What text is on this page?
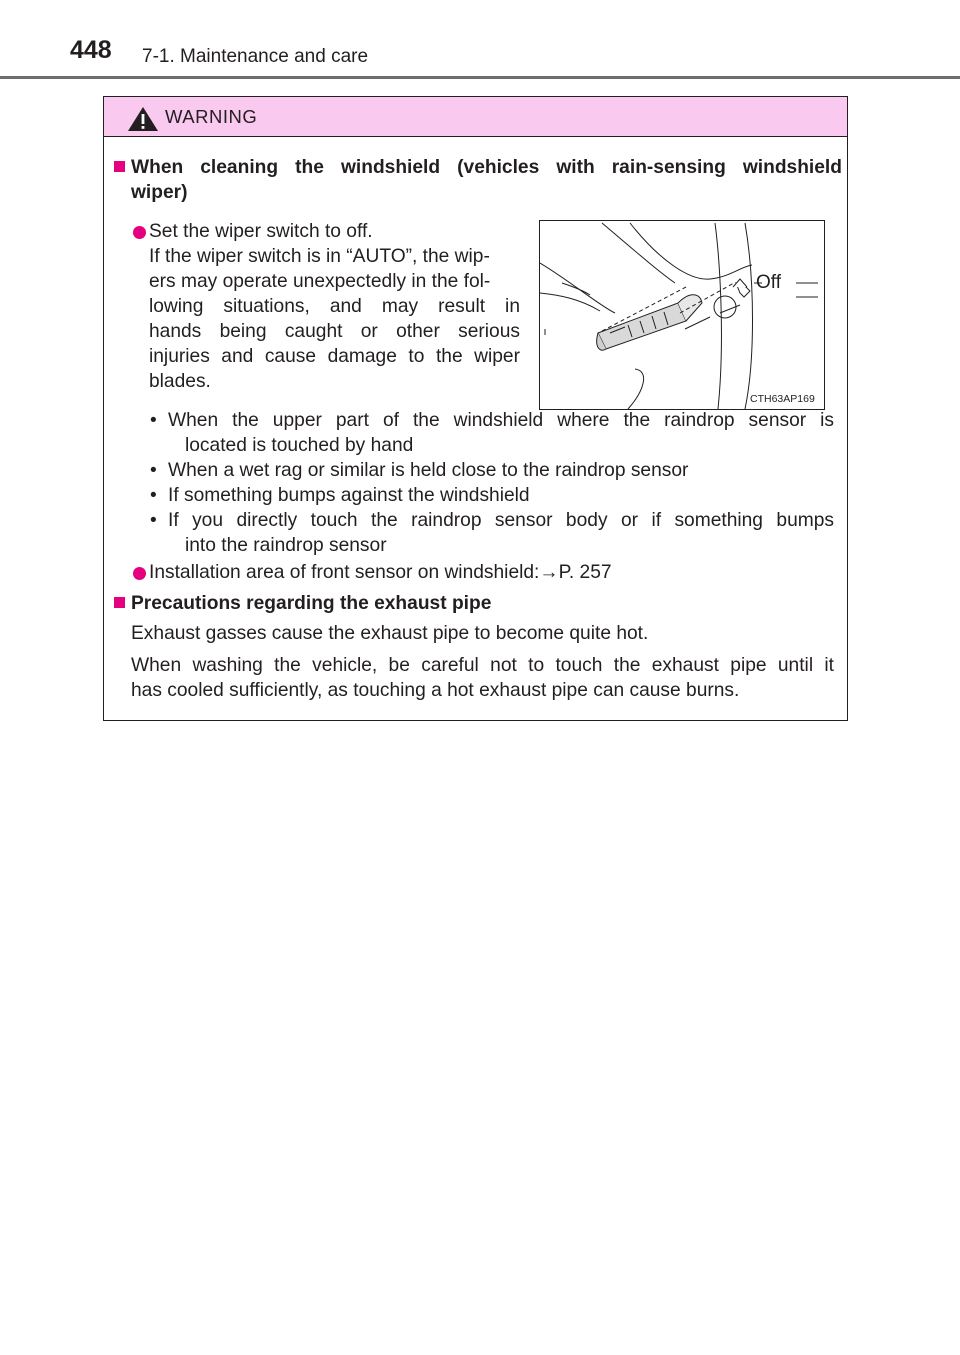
448 7-1. Maintenance and care
WARNING
When cleaning the windshield (vehicles with rain-sensing windshield
wiper)
Set the wiper switch to off.
If the wiper switch is in “AUTO”, the wip-
ers may operate unexpectedly in the fol-
lowing situations, and may result in
hands being caught or other serious
injuries and cause damage to the wiper
blades.
Off
CTH63AP169
• When the upper part of the windshield where the raindrop sensor is
located is touched by hand
• When a wet rag or similar is held close to the raindrop sensor
• If something bumps against the windshield
• If you directly touch the raindrop sensor body or if something bumps
into the raindrop sensor
Installation area of front sensor on windshield:→P. 257
Precautions regarding the exhaust pipe
Exhaust gasses cause the exhaust pipe to become quite hot.
When washing the vehicle, be careful not to touch the exhaust pipe until it
has cooled sufficiently, as touching a hot exhaust pipe can cause burns.
